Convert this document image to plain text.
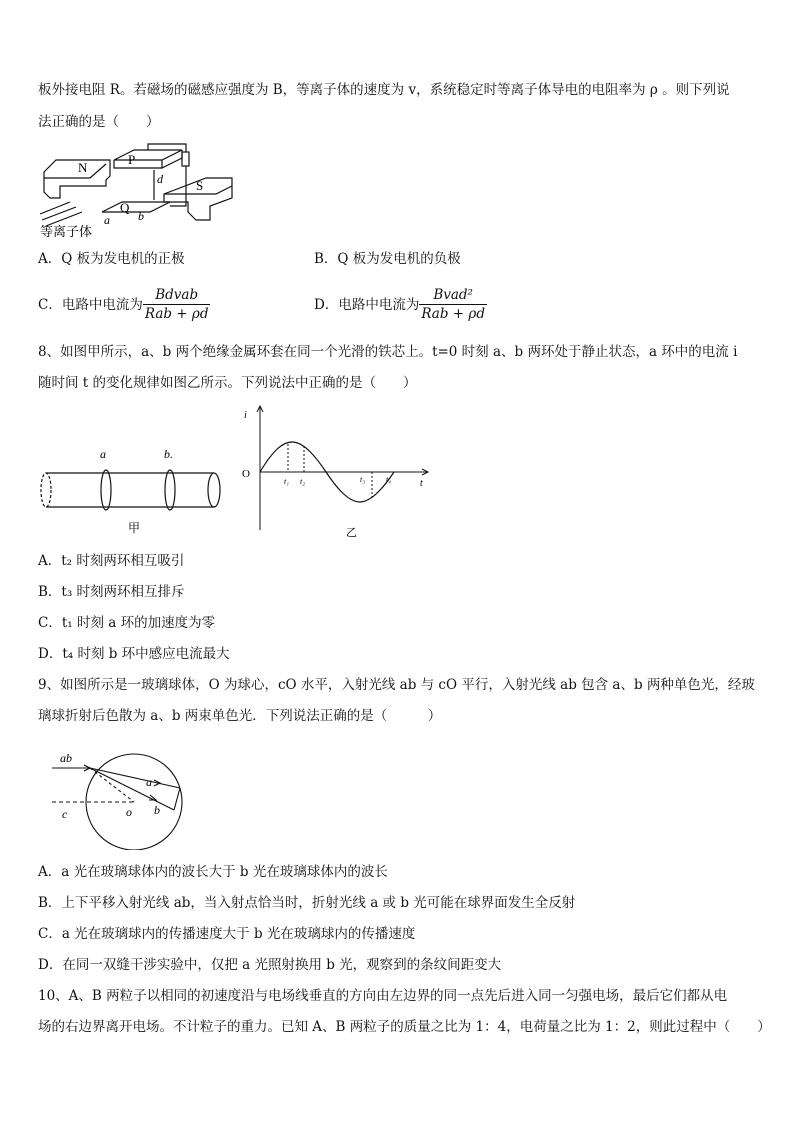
板外接电阻 R。若磁场的磁感应强度为 B，等离子体的速度为 v，系统稳定时等离子体导电的电阻率为 ρ 。则下列说
法正确的是（　　）
N
P
d	S
Q
a b
等离子体
A．Q 板为发电机的正极	B．Q 板为发电机的负极
C．电路中电流为 $\frac{\text{Bdvab}}{\text{Rab + ρd}}$	D．电路中电流为 $\frac{\text{Bvad²}}{\text{Rab + ρd}}$
8、如图甲所示，a、b 两个绝缘金属环套在同一个光滑的铁芯上。t=0 时刻 a、b 两环处于静止状态，a 环中的电流 i
随时间 t 的变化规律如图乙所示。下列说法中正确的是（　　）
a	b.
甲
i
O
t
t₁ t₂	t₃	t₄
乙
A．t₂ 时刻两环相互吸引
B．t₃ 时刻两环相互排斥
C．t₁ 时刻 a 环的加速度为零
D．t₄ 时刻 b 环中感应电流最大
9、如图所示是一玻璃球体，O 为球心，cO 水平，入射光线 ab 与 cO 平行，入射光线 ab 包含 a、b 两种单色光，经玻
璃球折射后色散为 a、b 两束单色光．下列说法正确的是（　　　）
ab
c	o
a
b
A．a 光在玻璃球体内的波长大于 b 光在玻璃球体内的波长
B．上下平移入射光线 ab，当入射点恰当时，折射光线 a 或 b 光可能在球界面发生全反射
C．a 光在玻璃球内的传播速度大于 b 光在玻璃球内的传播速度
D．在同一双缝干涉实验中，仅把 a 光照射换用 b 光，观察到的条纹间距变大
10、A、B 两粒子以相同的初速度沿与电场线垂直的方向由左边界的同一点先后进入同一匀强电场，最后它们都从电
场的右边界离开电场。不计粒子的重力。已知 A、B 两粒子的质量之比为 1：4，电荷量之比为 1：2，则此过程中（　　）
